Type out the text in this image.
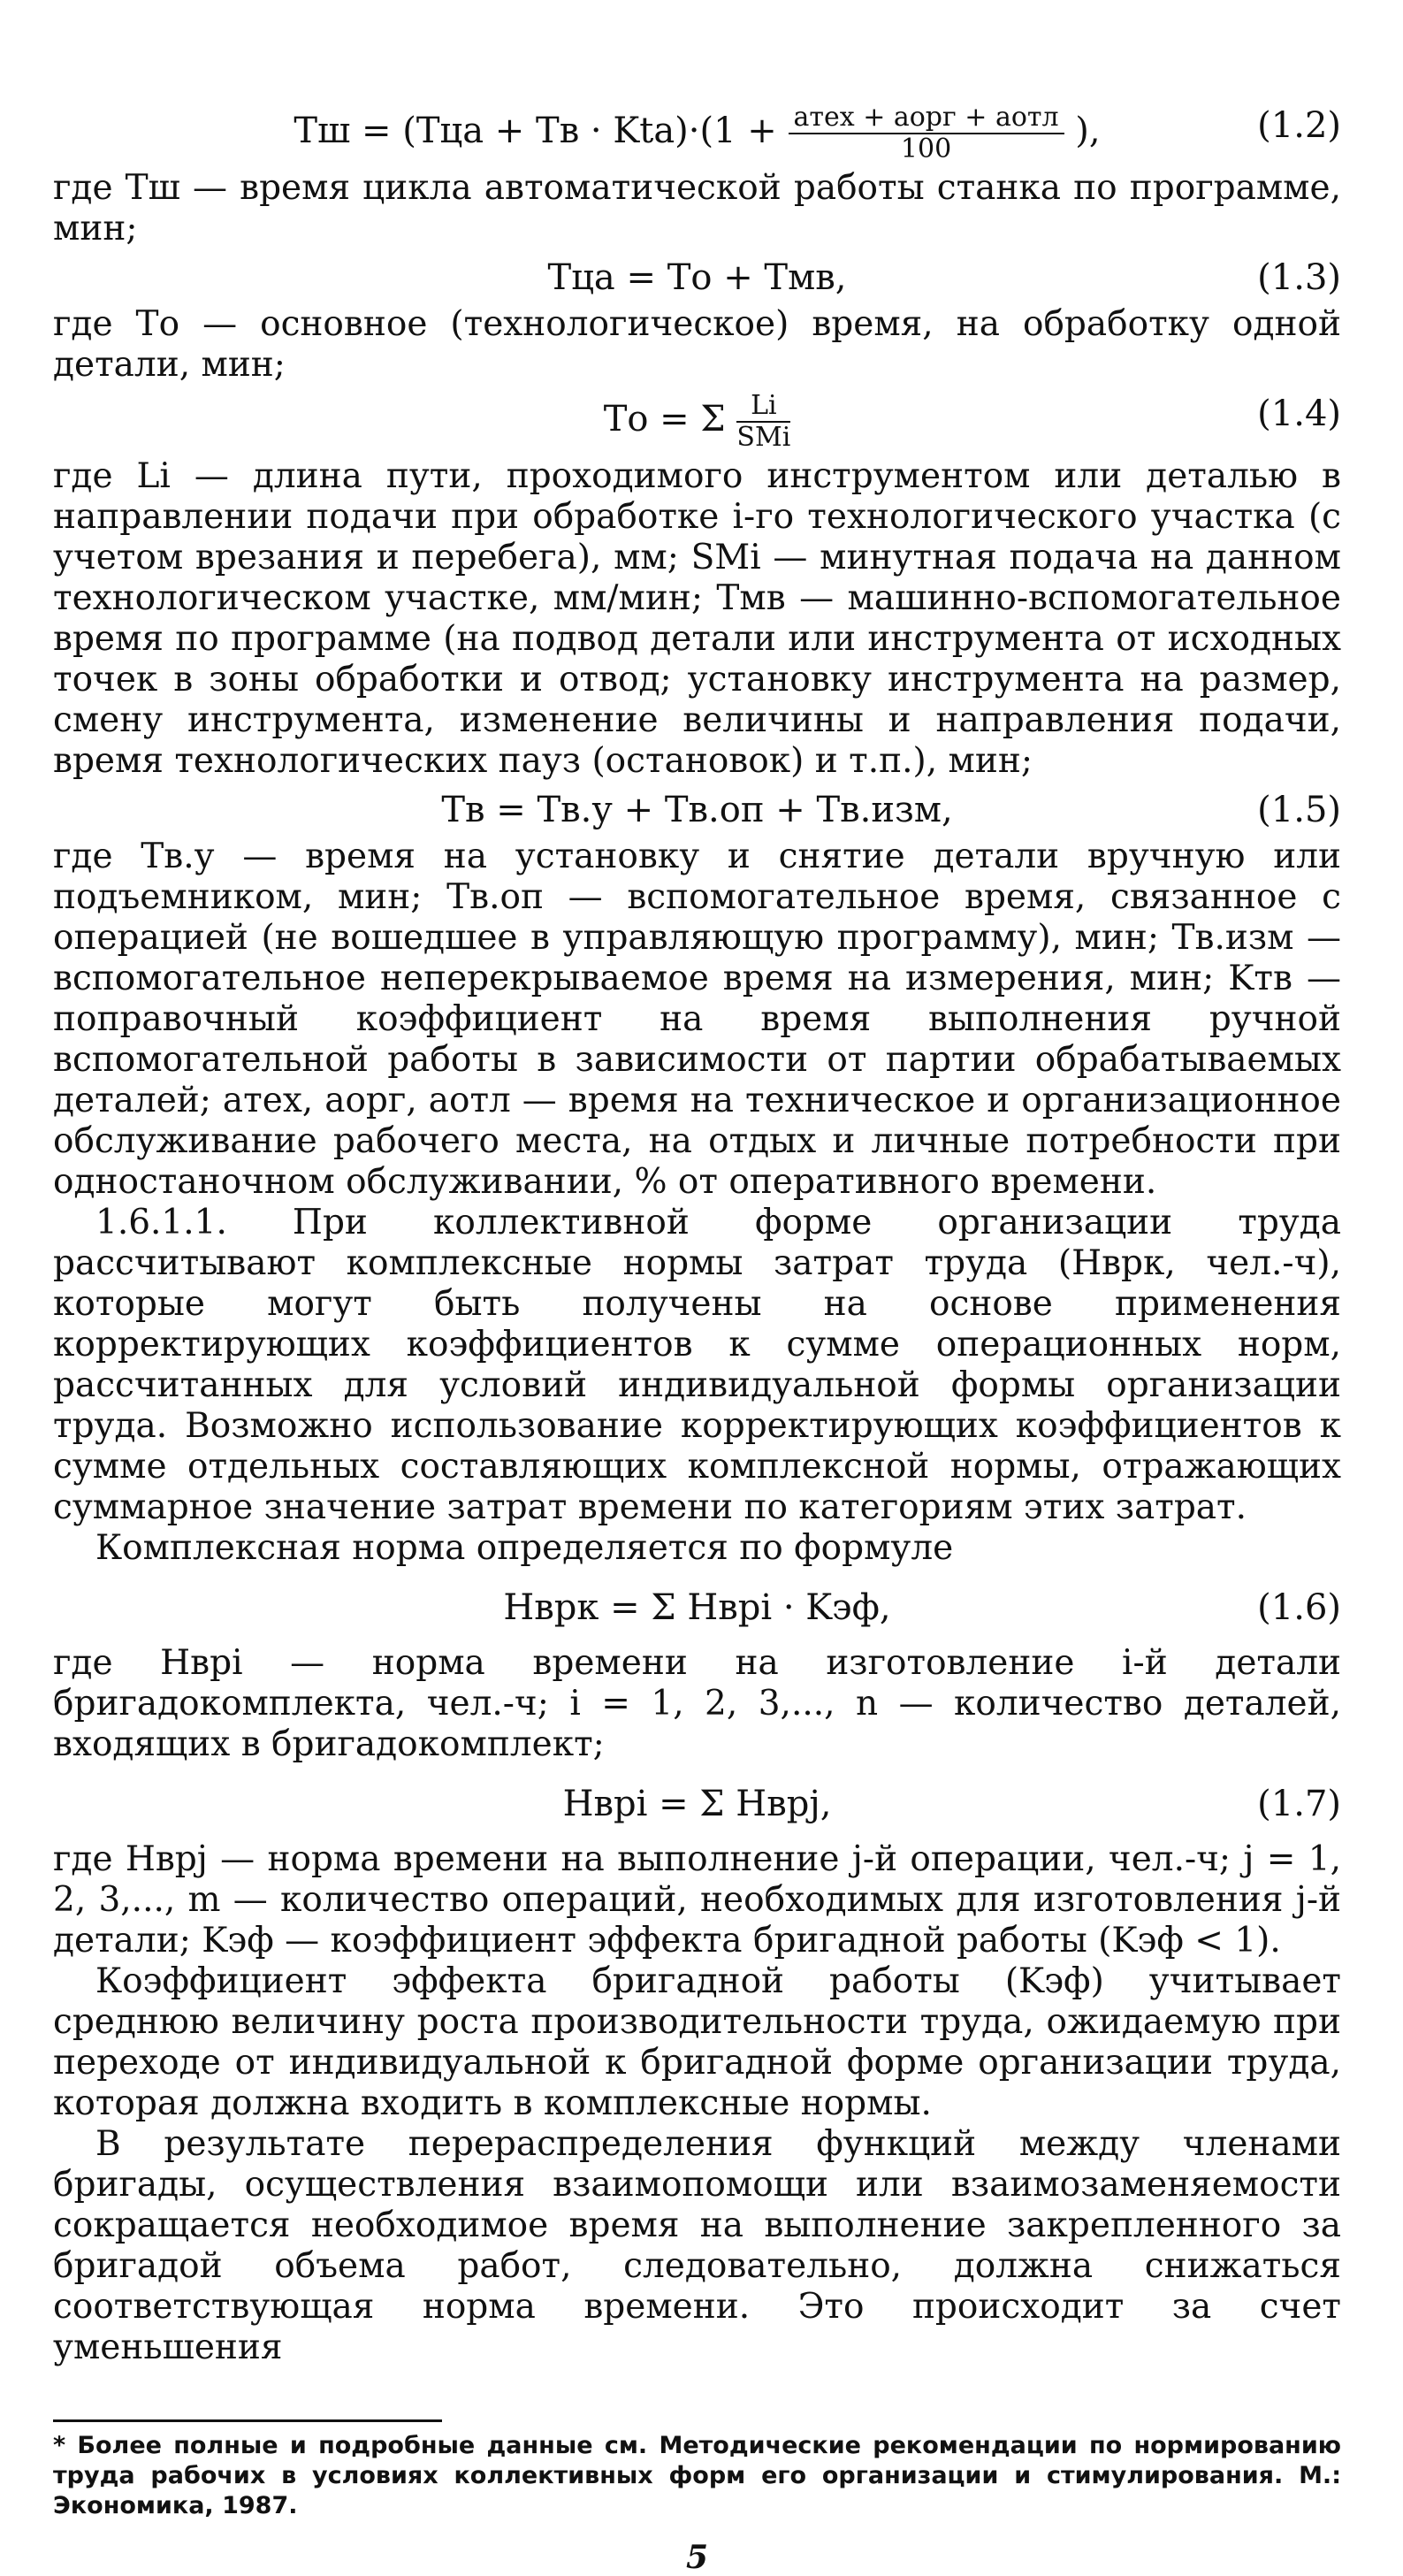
Tш = (Tца + Tв · $Kta)\cdot(1 + \frac{\text{aтех + aорг + aотл}}{100}$ ),	(1.2)

где Tш — время цикла автоматической работы станка по программе, мин;

Tца = Tо + Tмв,	(1.3)

где Tо — основное (технологическое) время, на обработку одной детали, мин;

Tо = Σ $\frac{Li}{\text{SMi}}$	(1.4)

где Li — длина пути, проходимого инструментом или деталью в направлении подачи при обработке i-го технологического участка (с учетом врезания и перебега), мм; SMi — минутная подача на данном технологическом участке, мм/мин; Tмв — машинно-вспомогательное время по программе (на подвод детали или инструмента от исходных точек в зоны обработки и отвод; установку инструмента на размер, смену инструмента, изменение величины и направления подачи, время технологических пауз (остановок) и т.п.), мин;

Tв = Tв.у + Tв.оп + Tв.изм,	(1.5)

где Tв.у — время на установку и снятие детали вручную или подъемником, мин; Tв.оп — вспомогательное время, связанное с операцией (не вошедшее в управляющую программу), мин; Tв.изм — вспомогательное неперекрываемое время на измерения, мин; Kтв — поправочный коэффициент на время выполнения ручной вспомогательной работы в зависимости от партии обрабатываемых деталей; aтех, aорг, aотл — время на техническое и организационное обслуживание рабочего места, на отдых и личные потребности при одностаночном обслуживании, % от оперативного времени.

1.6.1.1. При коллективной форме организации труда рассчитывают комплексные нормы затрат труда (Hврк, чел.-ч), которые могут быть получены на основе применения корректирующих коэффициентов к сумме операционных норм, рассчитанных для условий индивидуальной формы организации труда. Возможно использование корректирующих коэффициентов к сумме отдельных составляющих комплексной нормы, отражающих суммарное значение затрат времени по категориям этих затрат.

Комплексная норма определяется по формуле

Hврк = Σ Hврi · Kэф,	(1.6)

где Hврi — норма времени на изготовление i-й детали бригадокомплекта, чел.-ч; i = 1, 2, 3,..., n — количество деталей, входящих в бригадокомплект;

Hврi = Σ Hврj,	(1.7)

где Hврj — норма времени на выполнение j-й операции, чел.-ч; j = 1, 2, 3,..., m — количество операций, необходимых для изготовления j-й детали; Kэф — коэффициент эффекта бригадной работы (Kэф < 1).

Коэффициент эффекта бригадной работы (Kэф) учитывает среднюю величину роста производительности труда, ожидаемую при переходе от индивидуальной к бригадной форме организации труда, которая должна входить в комплексные нормы.

В результате перераспределения функций между членами бригады, осуществления взаимопомощи или взаимозаменяемости сокращается необходимое время на выполнение закрепленного за бригадой объема работ, следовательно, должна снижаться соответствующая норма времени. Это происходит за счет уменьшения

* Более полные и подробные данные см. Методические рекомендации по нормированию труда рабочих в условиях коллективных форм его организации и стимулирования. М.: Экономика, 1987.

5
